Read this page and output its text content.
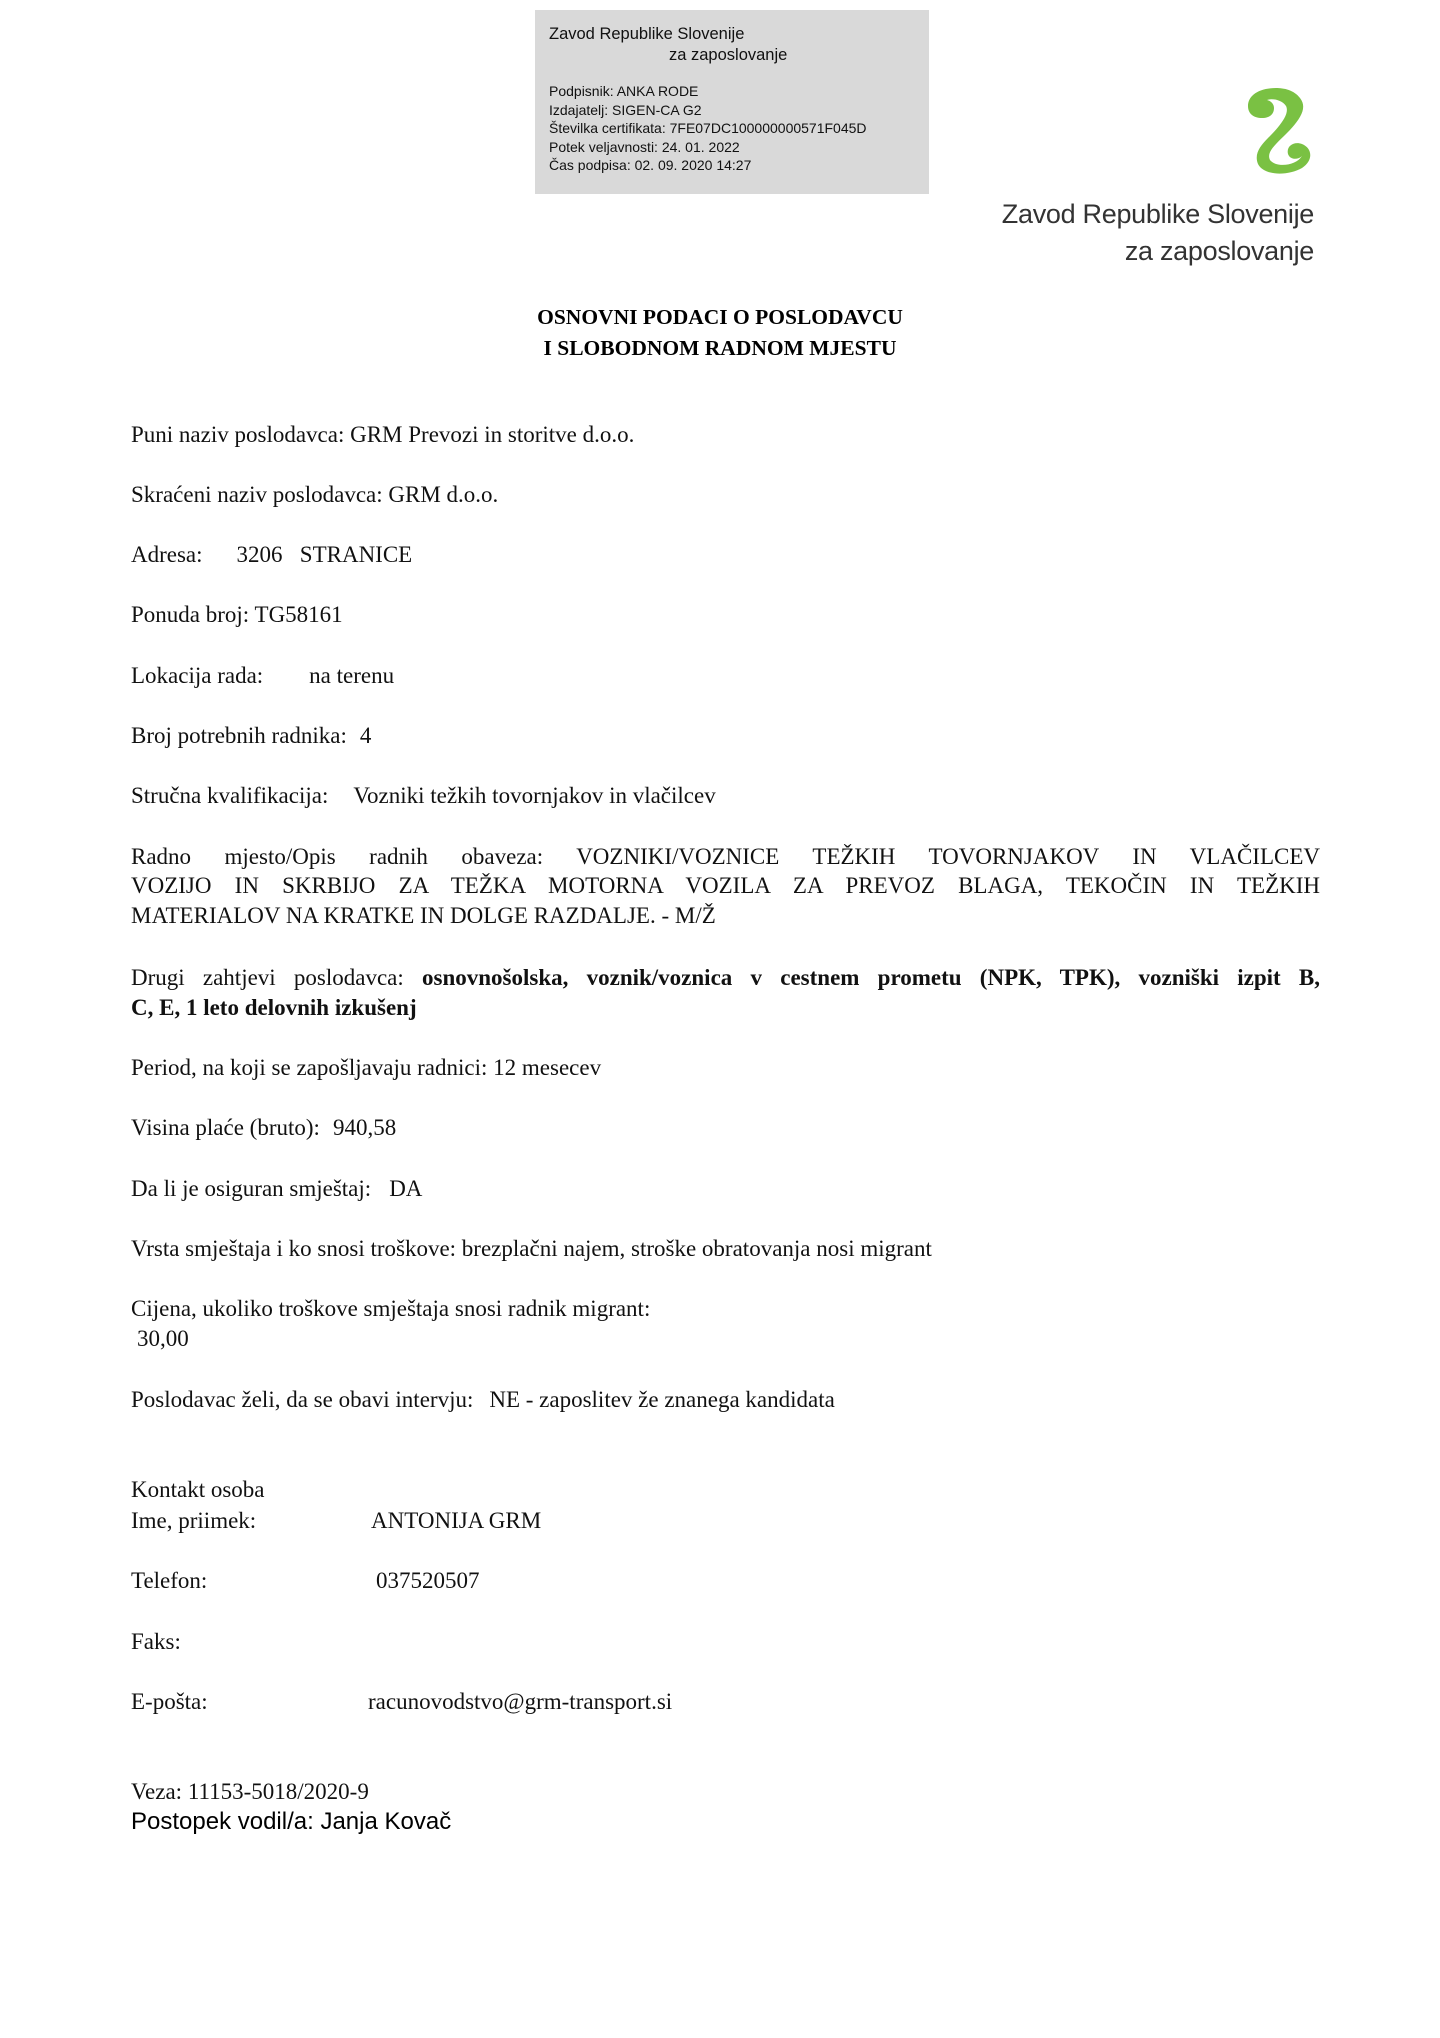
Zavod Republike Slovenije
za zaposlovanje
Podpisnik: ANKA RODE
Izdajatelj: SIGEN-CA G2
Številka certifikata: 7FE07DC100000000571F045D
Potek veljavnosti: 24. 01. 2022
Čas podpisa: 02. 09. 2020 14:27
Zavod Republike Slovenije
za zaposlovanje
OSNOVNI PODACI O POSLODAVCU
I SLOBODNOM RADNOM MJESTU
Puni naziv poslodavca: GRM Prevozi in storitve d.o.o.
Skraćeni naziv poslodavca: GRM d.o.o.
Adresa: 3206   STRANICE
Ponuda broj: TG58161
Lokacija rada: na terenu
Broj potrebnih radnika: 4
Stručna kvalifikacija: Vozniki težkih tovornjakov in vlačilcev
Radno mjesto/Opis radnih obaveza: VOZNIKI/VOZNICE TEŽKIH TOVORNJAKOV IN VLAČILCEV
VOZIJO IN SKRBIJO ZA TEŽKA MOTORNA VOZILA ZA PREVOZ BLAGA, TEKOČIN IN TEŽKIH
MATERIALOV NA KRATKE IN DOLGE RAZDALJE. - M/Ž
Drugi zahtjevi poslodavca: osnovnošolska, voznik/voznica v cestnem prometu (NPK, TPK), vozniški izpit B,
C, E, 1 leto delovnih izkušenj
Period, na koji se zapošljavaju radnici: 12 mesecev
Visina plaće (bruto): 940,58
Da li je osiguran smještaj: DA
Vrsta smještaja i ko snosi troškove: brezplačni najem, stroške obratovanja nosi migrant
Cijena, ukoliko troškove smještaja snosi radnik migrant:
30,00
Poslodavac želi, da se obavi intervju: NE - zaposlitev že znanega kandidata
Kontakt osoba
Ime, priimek:	ANTONIJA GRM
Telefon:	037520507
Faks:
E-pošta:	racunovodstvo@grm-transport.si
Veza: 11153-5018/2020-9
Postopek vodil/a: Janja Kovač
